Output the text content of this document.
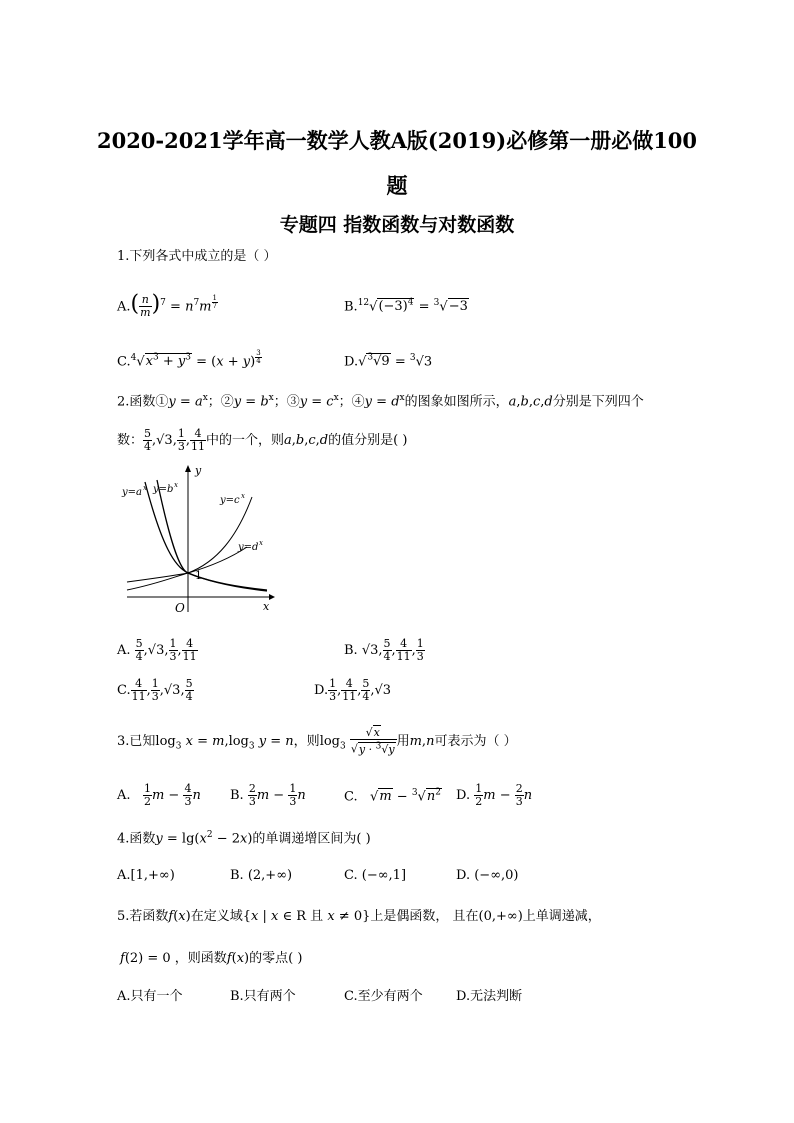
2020-2021学年高一数学人教A版(2019)必修第一册必做100
题
专题四 指数函数与对数函数
1.下列各式中成立的是（ ）
$A.( \frac{n}{m} )^7 = n^7m$ $^{\frac{1}{7}}$	$B.^{12}√(-3)^4 = ^3√-3$
$C.^4√x^3 + y^3 = (x + y)$ $^{\frac{3}{4}}$	D.√$^3$√9 = $^3$√3
2.函数①y = $a^x$；②y = $b^x$；③y = $c^x$；④y = $d^x$的图象如图所示，a,b,c,d分别是下列四个
数： $\frac{5}{4} ,√3$, $\frac{1}{3}$ , $\frac{4}{11}$ 中的一个，则a,b,c,d的值分别是( )
y=a x y=b x
y=c x
y=d x
1
O	x
y
A. $\frac{5}{4} ,√3$, $\frac{1}{3}$ , $\frac{4}{11}$	B. √3, $\frac{5}{4}$ , $\frac{4}{11}$ , $\frac{1}{3}$
C. $\frac{4}{11}$ , $\frac{1}{3} ,√3$, $\frac{5}{4}$	D. $\frac{1}{3}$ , $\frac{4}{11}$ , $\frac{5}{4} ,√3$
3.已知$\log_3 x = m,\log_3$ y = n，则$\log_3 \frac{√x}{√y \cdot ^3√y}$ 用m,n可表示为（ ）
A. $\frac{1}{2}$ $m - \frac{4}{3}$ n B. $\frac{2}{3}$ $m - \frac{1}{3}$ n	C.   $√m - ^3√n^2$ D. $\frac{1}{2}$ $m - \frac{2}{3}$ n
4.函数$y = \lg(x^2 - 2x)$的单调递增区间为( )
A.[1,+∞)	B. (2,+∞)	C. (−∞,1]	D. (−∞,0)
5.若函数f(x)在定义域{x | x ∈ R 且 x ≠ 0}上是偶函数， 且在(0,+∞)上单调递减，
f(2) = 0 ，则函数f(x)的零点( )
A.只有一个	B.只有两个	C.至少有两个	D.无法判断
